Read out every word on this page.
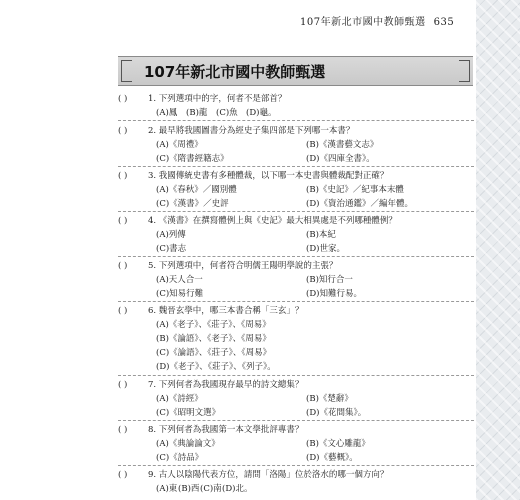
107年新北市國中教師甄選 635
107年新北市國中教師甄選
( )	1. 下列選項中的字，何者不是部首？
(A)鳳 (B)龍 (C)魚 (D)龜。
( )	2. 最早將我國圖書分為經史子集四部是下列哪一本書？
(A)《周禮》	(B)《漢書藝文志》
(C)《隋書經籍志》	(D)《四庫全書》。
( )	3. 我國傳統史書有多種體裁，以下哪一本史書與體裁配對正確？
(A)《春秋》／國別體	(B)《史記》／紀事本末體
(C)《漢書》／史評	(D)《資治通鑑》／編年體。
( )	4. 《漢書》在撰寫體例上與《史記》最大相異處是不列哪種體例？
(A)列傳	(B)本紀
(C)書志	(D)世家。
( )	5. 下列選項中，何者符合明儒王陽明學說的主張？
(A)天人合一	(B)知行合一
(C)知易行難	(D)知難行易。
( )	6. 魏晉玄學中，哪三本書合稱「三玄」？
(A)《老子》、《莊子》、《周易》
(B)《論語》、《老子》、《周易》
(C)《論語》、《莊子》、《周易》
(D)《老子》、《莊子》、《列子》。
( )	7. 下列何者為我國現存最早的詩文總集？
(A)《詩經》	(B)《楚辭》
(C)《昭明文選》	(D)《花間集》。
( )	8. 下列何者為我國第一本文學批評專書？
(A)《典論論文》	(B)《文心雕龍》
(C)《詩品》	(D)《藝概》。
( )	9. 古人以陰陽代表方位，請問「洛陽」位於洛水的哪一個方向？
(A)東 (B)西 (C)南 (D)北。
